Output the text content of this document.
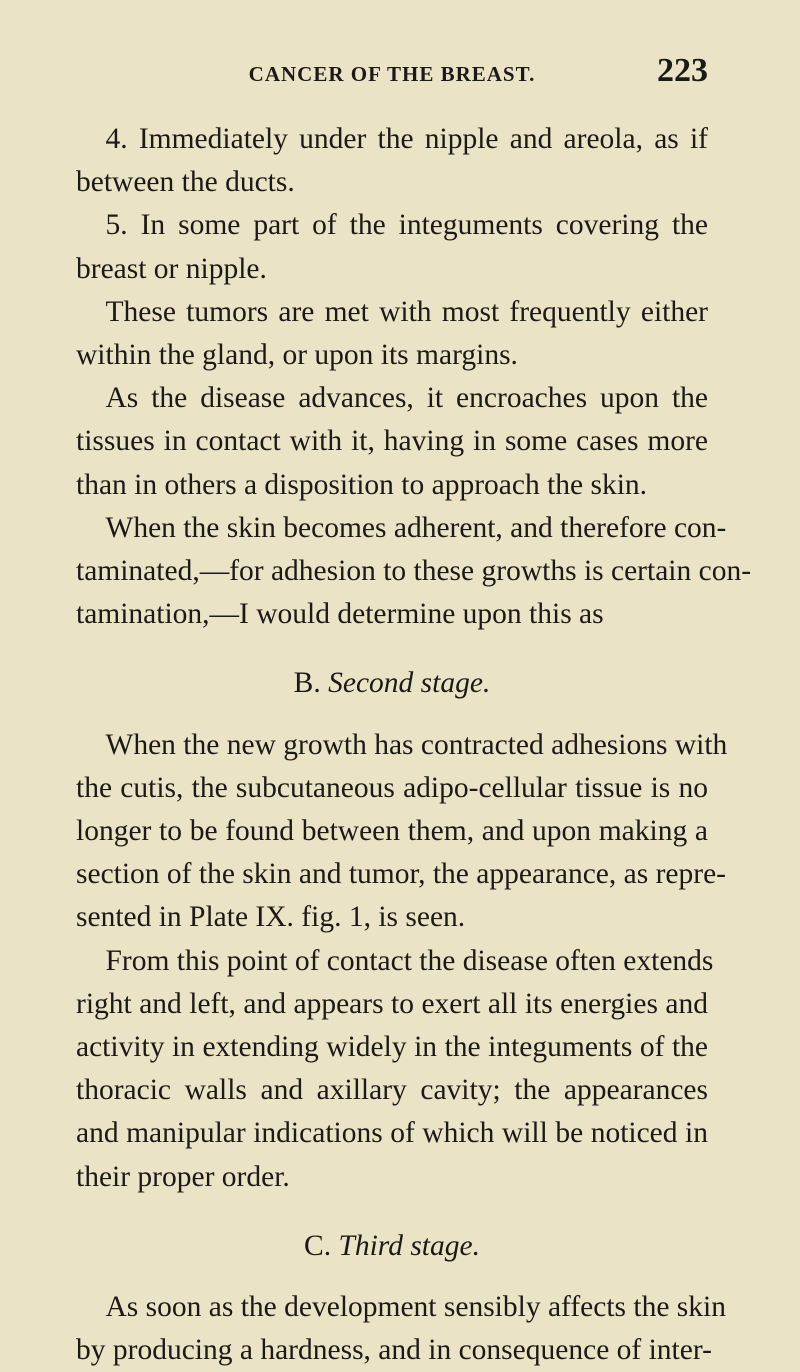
CANCER OF THE BREAST.	223

4. Immediately under the nipple and areola, as if
between the ducts.

5. In some part of the integuments covering the
breast or nipple.

These tumors are met with most frequently either
within the gland, or upon its margins.

As the disease advances, it encroaches upon the
tissues in contact with it, having in some cases more
than in others a disposition to approach the skin.

When the skin becomes adherent, and therefore con-
taminated,—for adhesion to these growths is certain con-
tamination,—I would determine upon this as

B. Second stage.

When the new growth has contracted adhesions with
the cutis, the subcutaneous adipo-cellular tissue is no
longer to be found between them, and upon making a
section of the skin and tumor, the appearance, as repre-
sented in Plate IX. fig. 1, is seen.

From this point of contact the disease often extends
right and left, and appears to exert all its energies and
activity in extending widely in the integuments of the
thoracic walls and axillary cavity; the appearances
and manipular indications of which will be noticed in
their proper order.

C. Third stage.

As soon as the development sensibly affects the skin
by producing a hardness, and in consequence of inter-
